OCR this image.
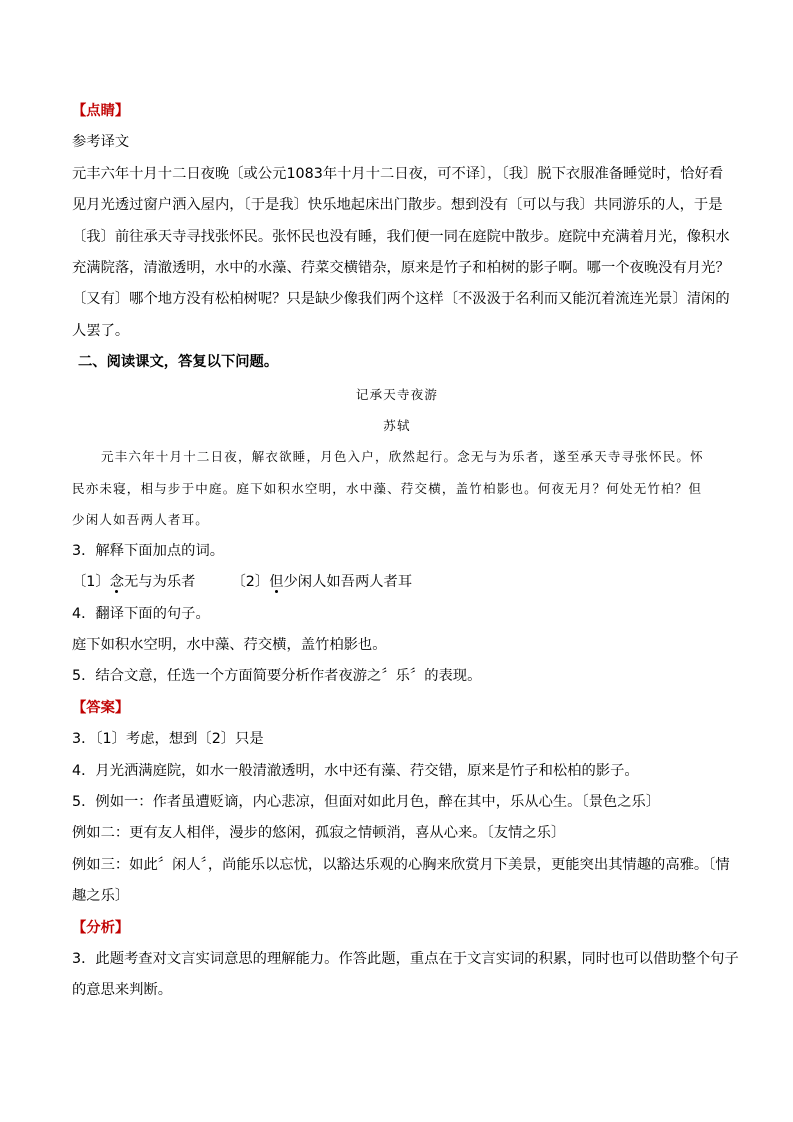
【点睛】
参考译文
元丰六年十月十二日夜晚〔或公元1083年十月十二日夜，可不译〕，〔我〕脱下衣服准备睡觉时，恰好看
见月光透过窗户洒入屋内，〔于是我〕快乐地起床出门散步。想到没有〔可以与我〕共同游乐的人，于是
〔我〕前往承天寺寻找张怀民。张怀民也没有睡，我们便一同在庭院中散步。庭院中充满着月光，像积水
充满院落，清澈透明，水中的水藻、荇菜交横错杂，原来是竹子和柏树的影子啊。哪一个夜晚没有月光？
〔又有〕哪个地方没有松柏树呢？只是缺少像我们两个这样〔不汲汲于名利而又能沉着流连光景〕清闲的
人罢了。
二、阅读课文，答复以下问题。
记承天寺夜游
苏轼
元丰六年十月十二日夜，解衣欲睡，月色入户，欣然起行。念无与为乐者，遂至承天寺寻张怀民。怀
民亦未寝，相与步于中庭。庭下如积水空明，水中藻、荇交横，盖竹柏影也。何夜无月？何处无竹柏？但
少闲人如吾两人者耳。
3．解释下面加点的词。
〔1〕念无与为乐者	〔2〕但少闲人如吾两人者耳
4．翻译下面的句子。
庭下如积水空明，水中藻、荇交横，盖竹柏影也。
5．结合文意，任选一个方面简要分析作者夜游之〞乐〞的表现。
【答案】
3．〔1〕考虑，想到〔2〕只是
4．月光洒满庭院，如水一般清澈透明，水中还有藻、荇交错，原来是竹子和松柏的影子。
5．例如一：作者虽遭贬谪，内心悲凉，但面对如此月色，醉在其中，乐从心生。〔景色之乐〕
例如二：更有友人相伴，漫步的悠闲，孤寂之情顿消，喜从心来。〔友情之乐〕
例如三：如此〞闲人〞，尚能乐以忘忧，以豁达乐观的心胸来欣赏月下美景，更能突出其情趣的高雅。〔情
趣之乐〕
【分析】
3．此题考查对文言实词意思的理解能力。作答此题，重点在于文言实词的积累，同时也可以借助整个句子
的意思来判断。
